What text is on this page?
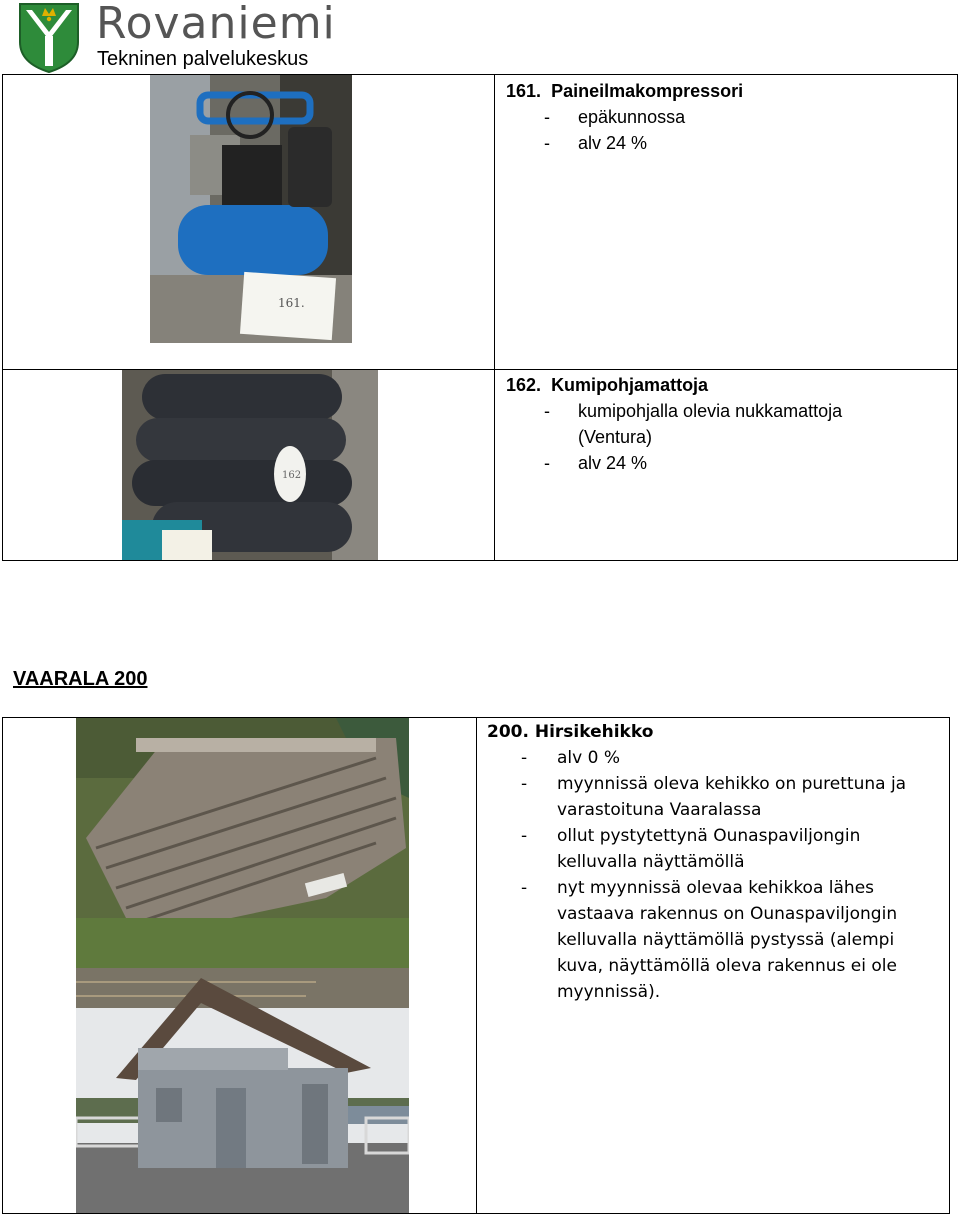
Rovaniemi
Tekninen palvelukeskus
161.	161. Paineilmakompressori
- epäkunnossa
- alv 24 %

162	162. Kumipohjamattoja
- kumipohjalla olevia nukkamattoja (Ventura)
- alv 24 %
VAARALA 200

200. Hirsikehikko
-	alv 0 %
-	myynnissä oleva kehikko on purettuna ja varastoituna Vaaralassa
-	ollut pystytettynä Ounaspaviljongin kelluvalla näyttämöllä
-	nyt myynnissä olevaa kehikkoa lähes vastaava rakennus on Ounaspaviljongin kelluvalla näyttämöllä pystyssä (alempi kuva, näyttämöllä oleva rakennus ei ole myynnissä).
